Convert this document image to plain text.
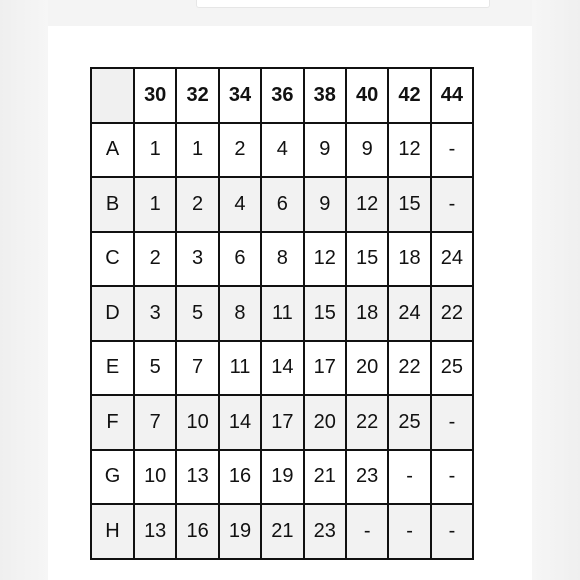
	30	32	34	36	38	40	42	44
A	1	1	2	4	9	9	12	-
B	1	2	4	6	9	12	15	-
C	2	3	6	8	12	15	18	24
D	3	5	8	11	15	18	24	22
E	5	7	11	14	17	20	22	25
F	7	10	14	17	20	22	25	-
G	10	13	16	19	21	23	-	-
H	13	16	19	21	23	-	-	-
